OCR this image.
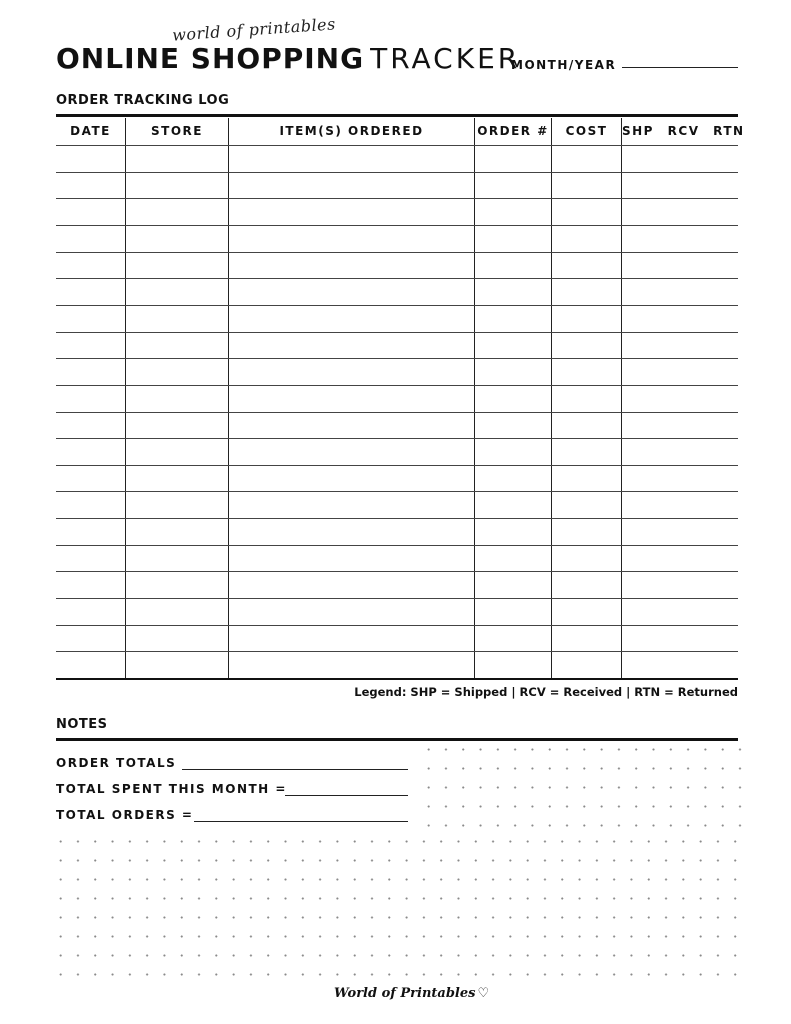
world of printables
ONLINE SHOPPING TRACKER
MONTH/YEAR
ORDER TRACKING LOG
DATE	STORE	ITEM(S) ORDERED	ORDER #	COST	SHP RCV RTN
Legend: SHP = Shipped | RCV = Received | RTN = Returned
NOTES
ORDER TOTALS
TOTAL SPENT THIS MONTH =
TOTAL ORDERS =
World of Printables ♡
